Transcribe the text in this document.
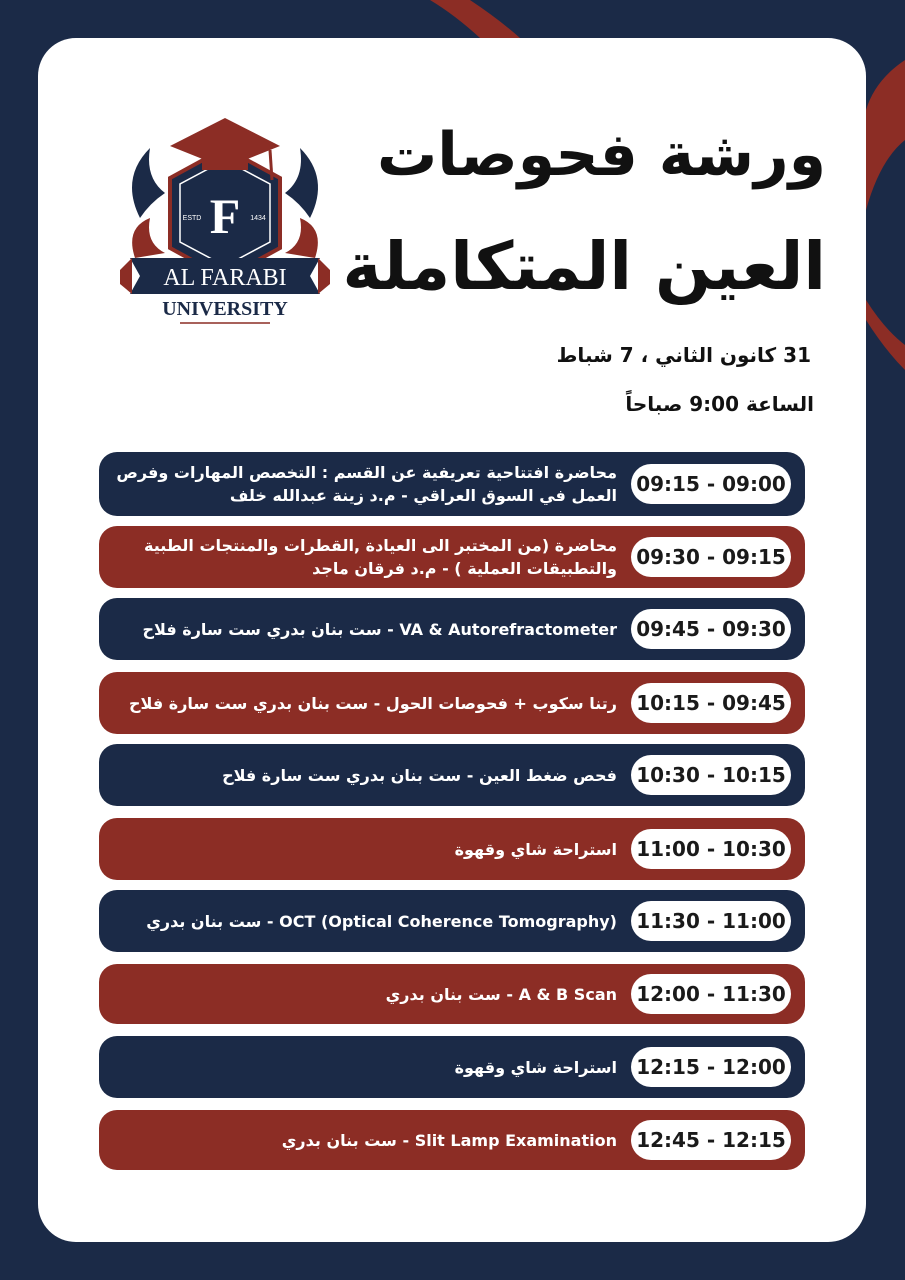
F
ESTD	1434
AL FARABI
UNIVERSITY
ورشة فحوصات
العين المتكاملة
31 كانون الثاني ، 7 شباط
الساعة 9:00 صباحاً
09:15 - 09:00
محاضرة افتتاحية تعريفية عن القسم : التخصص المهارات وفرص العمل في السوق العراقي - م.د زينة عبدالله خلف
09:30 - 09:15
محاضرة (من المختبر الى العيادة ,القطرات والمنتجات الطبية والتطبيقات العملية ) - م.د فرقان ماجد
09:45 - 09:30
VA & Autorefractometer - ست بنان بدري ست سارة فلاح
10:15 - 09:45
رتنا سكوب + فحوصات الحول - ست بنان بدري ست سارة فلاح
10:30 - 10:15
فحص ضغط العين - ست بنان بدري ست سارة فلاح
11:00 - 10:30
استراحة شاي وقهوة
11:30 - 11:00
OCT (Optical Coherence Tomography) - ست بنان بدري
12:00 - 11:30
A & B Scan - ست بنان بدري
12:15 - 12:00
استراحة شاي وقهوة
12:45 - 12:15
Slit Lamp Examination - ست بنان بدري
